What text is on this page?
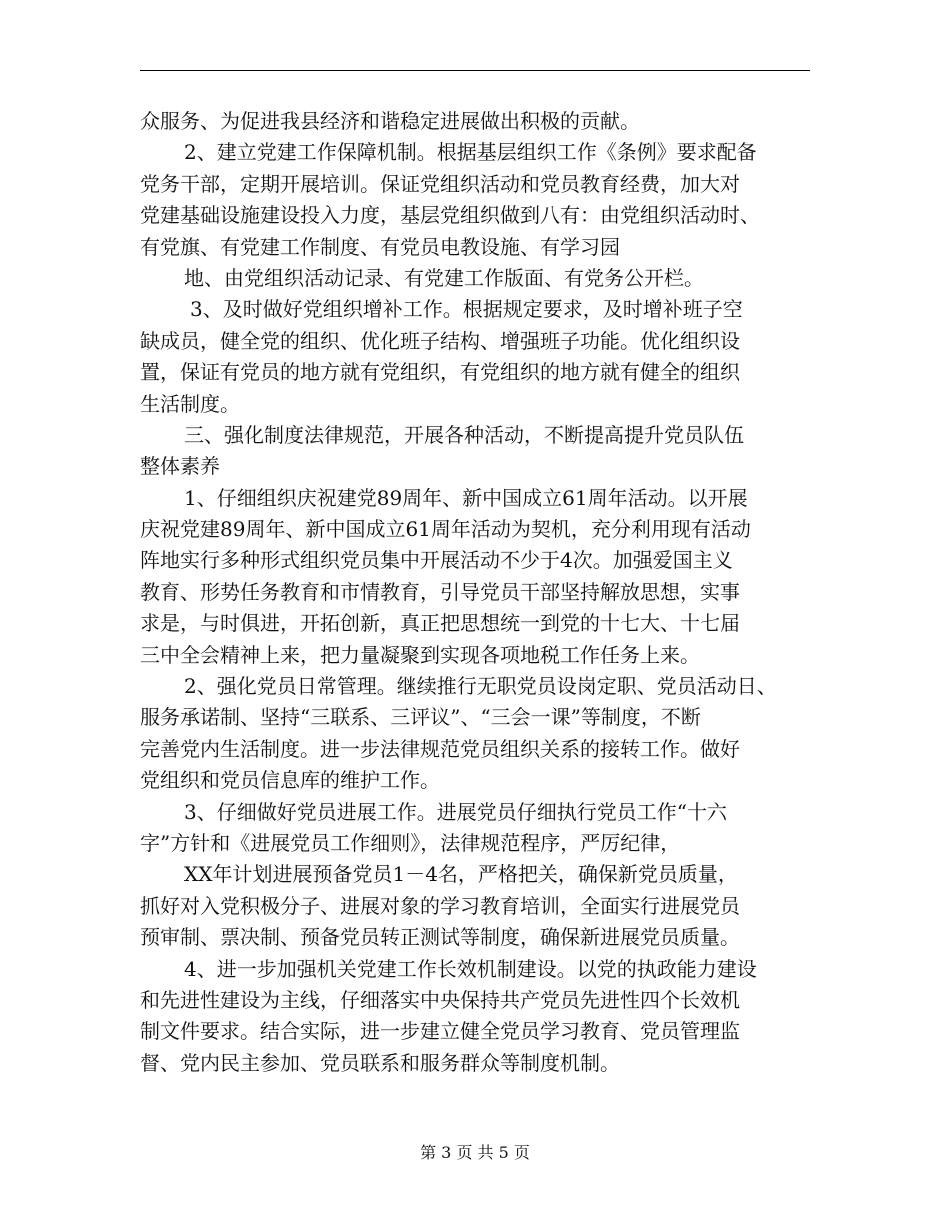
众服务、为促进我县经济和谐稳定进展做出积极的贡献。
2、建立党建工作保障机制。根据基层组织工作《条例》要求配备
党务干部，定期开展培训。保证党组织活动和党员教育经费，加大对
党建基础设施建设投入力度，基层党组织做到八有：由党组织活动时、
有党旗、有党建工作制度、有党员电教设施、有学习园
地、由党组织活动记录、有党建工作版面、有党务公开栏。
3、及时做好党组织增补工作。根据规定要求，及时增补班子空
缺成员，健全党的组织、优化班子结构、增强班子功能。优化组织设
置，保证有党员的地方就有党组织，有党组织的地方就有健全的组织
生活制度。
三、强化制度法律规范，开展各种活动，不断提高提升党员队伍
整体素养
1、仔细组织庆祝建党89周年、新中国成立61周年活动。以开展
庆祝党建89周年、新中国成立61周年活动为契机，充分利用现有活动
阵地实行多种形式组织党员集中开展活动不少于4次。加强爱国主义
教育、形势任务教育和市情教育，引导党员干部坚持解放思想，实事
求是，与时俱进，开拓创新，真正把思想统一到党的十七大、十七届
三中全会精神上来，把力量凝聚到实现各项地税工作任务上来。
2、强化党员日常管理。继续推行无职党员设岗定职、党员活动日、
服务承诺制、坚持“三联系、三评议”、“三会一课”等制度，不断
完善党内生活制度。进一步法律规范党员组织关系的接转工作。做好
党组织和党员信息库的维护工作。
3、仔细做好党员进展工作。进展党员仔细执行党员工作“十六
字”方针和《进展党员工作细则》，法律规范程序，严厉纪律，
XX年计划进展预备党员1－4名，严格把关，确保新党员质量，
抓好对入党积极分子、进展对象的学习教育培训，全面实行进展党员
预审制、票决制、预备党员转正测试等制度，确保新进展党员质量。
4、进一步加强机关党建工作长效机制建设。以党的执政能力建设
和先进性建设为主线，仔细落实中央保持共产党员先进性四个长效机
制文件要求。结合实际，进一步建立健全党员学习教育、党员管理监
督、党内民主参加、党员联系和服务群众等制度机制。
第 3 页 共 5 页
